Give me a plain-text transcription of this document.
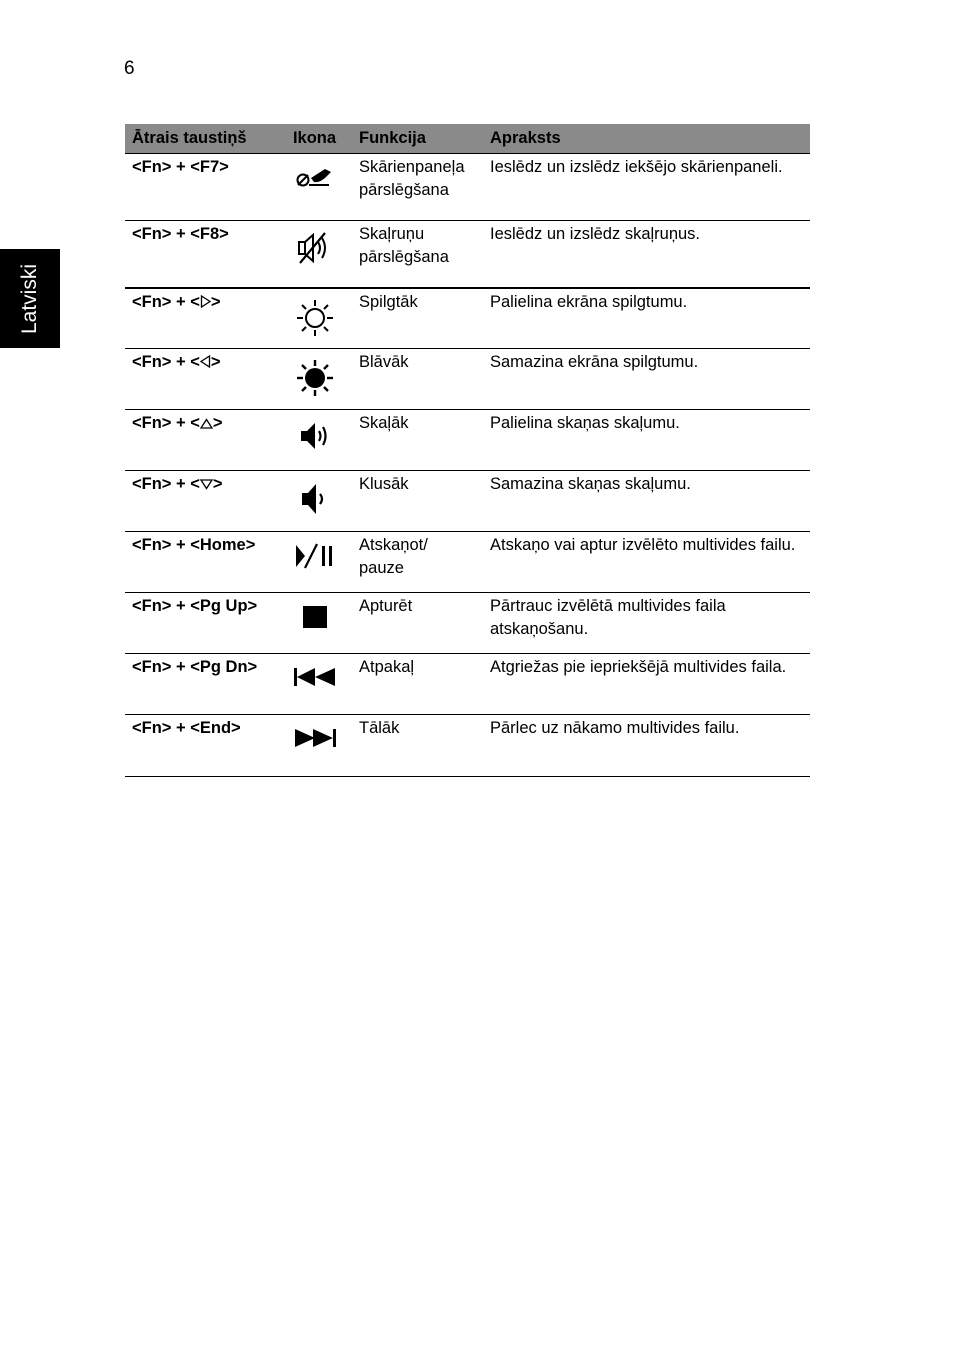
6
Latviski
Ātrais taustiņš	Ikona	Funkcija	Apraksts
<Fn> + <F7>		Skārienpaneļa pārslēgšana	Ieslēdz un izslēdz iekšējo skārienpaneli.
<Fn> + <F8>		Skaļruņu pārslēgšana	Ieslēdz un izslēdz skaļruņus.
<Fn> + < >		Spilgtāk	Palielina ekrāna spilgtumu.
<Fn> + < >		Blāvāk	Samazina ekrāna spilgtumu.
<Fn> + < >		Skaļāk	Palielina skaņas skaļumu.
<Fn> + < >		Klusāk	Samazina skaņas skaļumu.
<Fn> + <Home>		Atskaņot/ pauze	Atskaņo vai aptur izvēlēto multivides failu.
<Fn> + <Pg Up>		Apturēt	Pārtrauc izvēlētā multivides faila atskaņošanu.
<Fn> + <Pg Dn>		Atpakaļ	Atgriežas pie iepriekšējā multivides faila.
<Fn> + <End>		Tālāk	Pārlec uz nākamo multivides failu.
